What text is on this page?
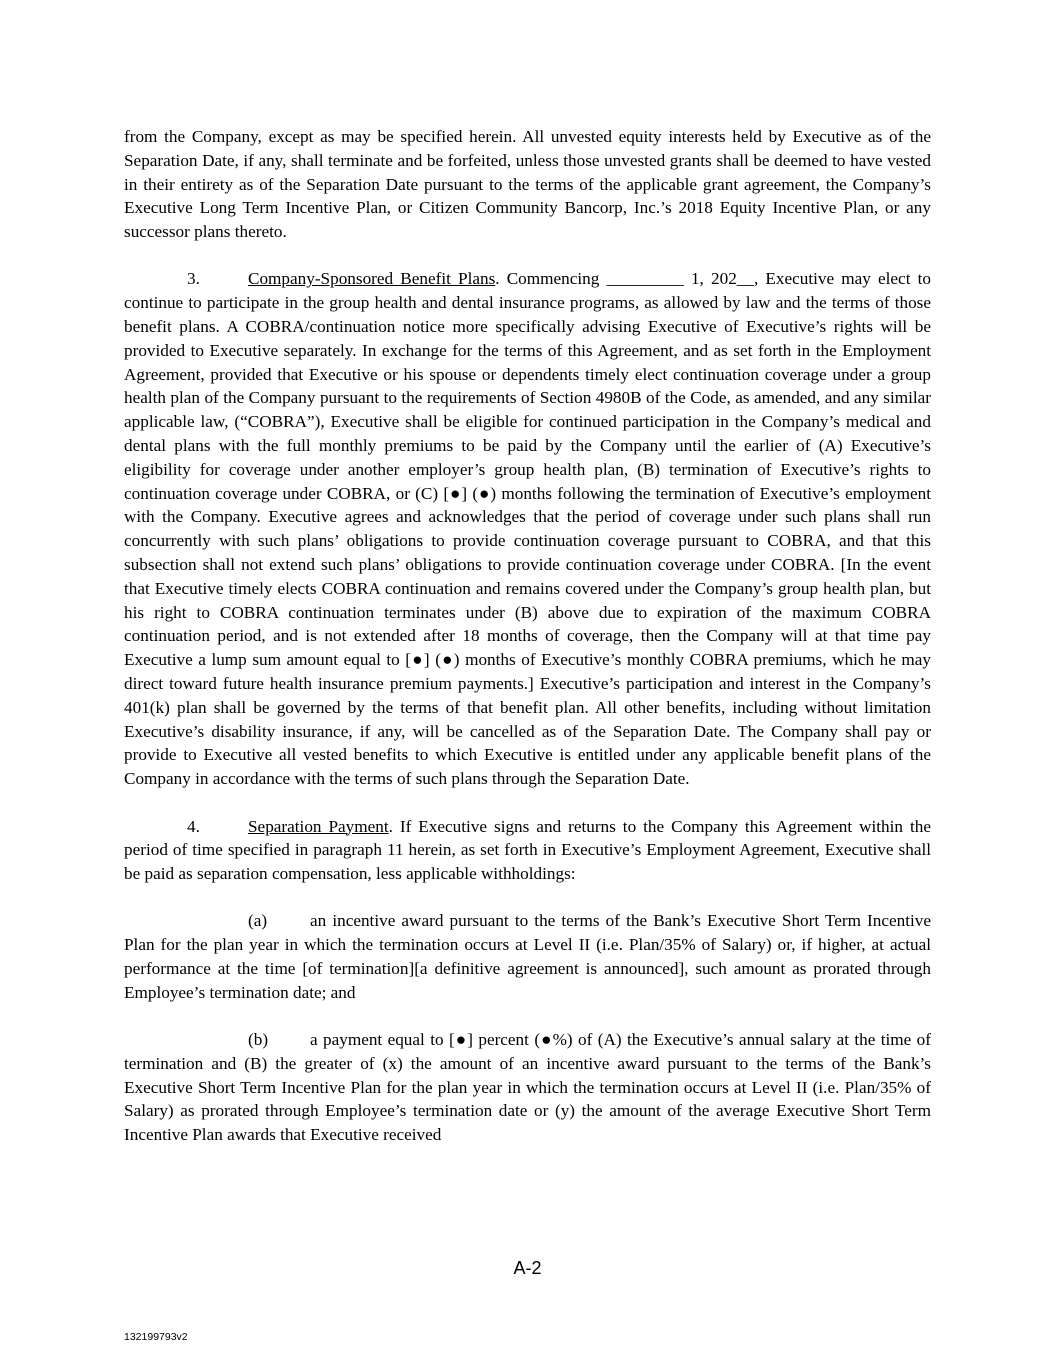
from the Company, except as may be specified herein. All unvested equity interests held by Executive as of the Separation Date, if any, shall terminate and be forfeited, unless those unvested grants shall be deemed to have vested in their entirety as of the Separation Date pursuant to the terms of the applicable grant agreement, the Company’s Executive Long Term Incentive Plan, or Citizen Community Bancorp, Inc.’s 2018 Equity Incentive Plan, or any successor plans thereto.

3.	Company-Sponsored Benefit Plans. Commencing _________ 1, 202__, Executive may elect to continue to participate in the group health and dental insurance programs, as allowed by law and the terms of those benefit plans. A COBRA/continuation notice more specifically advising Executive of Executive’s rights will be provided to Executive separately. In exchange for the terms of this Agreement, and as set forth in the Employment Agreement, provided that Executive or his spouse or dependents timely elect continuation coverage under a group health plan of the Company pursuant to the requirements of Section 4980B of the Code, as amended, and any similar applicable law, (“COBRA”), Executive shall be eligible for continued participation in the Company’s medical and dental plans with the full monthly premiums to be paid by the Company until the earlier of (A) Executive’s eligibility for coverage under another employer’s group health plan, (B) termination of Executive’s rights to continuation coverage under COBRA, or (C) [●] (●) months following the termination of Executive’s employment with the Company. Executive agrees and acknowledges that the period of coverage under such plans shall run concurrently with such plans’ obligations to provide continuation coverage pursuant to COBRA, and that this subsection shall not extend such plans’ obligations to provide continuation coverage under COBRA. [In the event that Executive timely elects COBRA continuation and remains covered under the Company’s group health plan, but his right to COBRA continuation terminates under (B) above due to expiration of the maximum COBRA continuation period, and is not extended after 18 months of coverage, then the Company will at that time pay Executive a lump sum amount equal to [●] (●) months of Executive’s monthly COBRA premiums, which he may direct toward future health insurance premium payments.] Executive’s participation and interest in the Company’s 401(k) plan shall be governed by the terms of that benefit plan. All other benefits, including without limitation Executive’s disability insurance, if any, will be cancelled as of the Separation Date. The Company shall pay or provide to Executive all vested benefits to which Executive is entitled under any applicable benefit plans of the Company in accordance with the terms of such plans through the Separation Date.

4.	Separation Payment. If Executive signs and returns to the Company this Agreement within the period of time specified in paragraph 11 herein, as set forth in Executive’s Employment Agreement, Executive shall be paid as separation compensation, less applicable withholdings:

(a) an incentive award pursuant to the terms of the Bank’s Executive Short Term Incentive Plan for the plan year in which the termination occurs at Level II (i.e. Plan/35% of Salary) or, if higher, at actual performance at the time [of termination][a definitive agreement is announced], such amount as prorated through Employee’s termination date; and

(b) a payment equal to [●] percent (●%) of (A) the Executive’s annual salary at the time of termination and (B) the greater of (x) the amount of an incentive award pursuant to the terms of the Bank’s Executive Short Term Incentive Plan for the plan year in which the termination occurs at Level II (i.e. Plan/35% of Salary) as prorated through Employee’s termination date or (y) the amount of the average Executive Short Term Incentive Plan awards that Executive received

A-2
132199793v2
